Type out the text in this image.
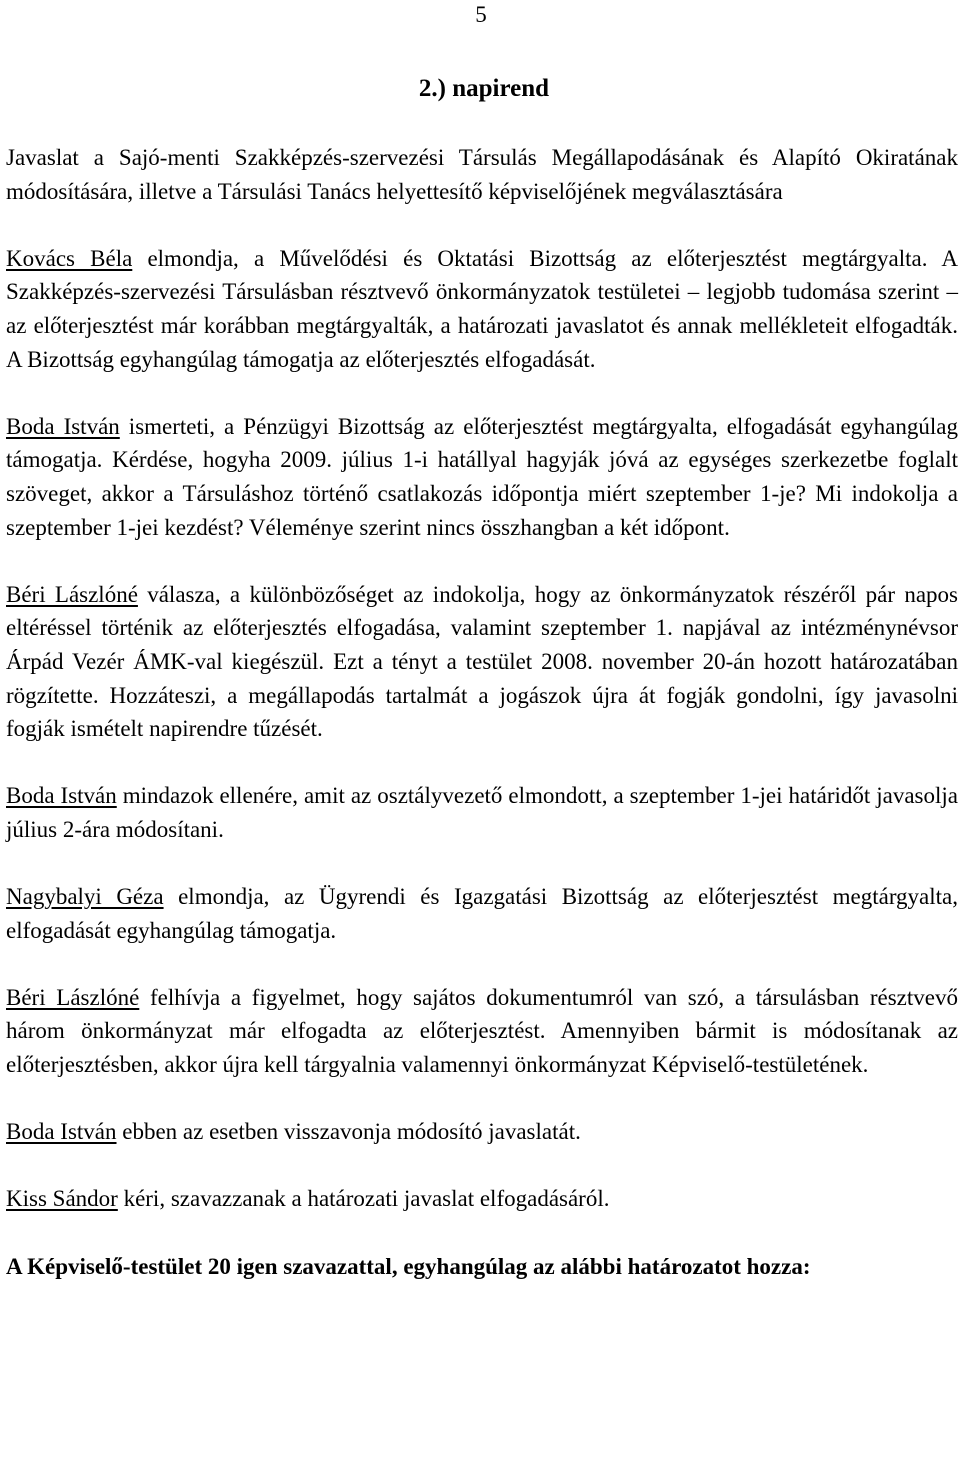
5
2.) napirend

Javaslat a Sajó-menti Szakképzés-szervezési Társulás Megállapodásának és Alapító Okiratának módosítására, illetve a Társulási Tanács helyettesítő képviselőjének megválasztására

Kovács Béla elmondja, a Művelődési és Oktatási Bizottság az előterjesztést megtárgyalta. A Szakképzés-szervezési Társulásban résztvevő önkormányzatok testületei – legjobb tudomása szerint – az előterjesztést már korábban megtárgyalták, a határozati javaslatot és annak mellékleteit elfogadták. A Bizottság egyhangúlag támogatja az előterjesztés elfogadását.

Boda István ismerteti, a Pénzügyi Bizottság az előterjesztést megtárgyalta, elfogadását egyhangúlag támogatja. Kérdése, hogyha 2009. július 1-i hatállyal hagyják jóvá az egységes szerkezetbe foglalt szöveget, akkor a Társuláshoz történő csatlakozás időpontja miért szeptember 1-je? Mi indokolja a szeptember 1-jei kezdést? Véleménye szerint nincs összhangban a két időpont.

Béri Lászlóné válasza, a különbözőséget az indokolja, hogy az önkormányzatok részéről pár napos eltéréssel történik az előterjesztés elfogadása, valamint szeptember 1. napjával az intézménynévsor Árpád Vezér ÁMK-val kiegészül. Ezt a tényt a testület 2008. november 20-án hozott határozatában rögzítette. Hozzáteszi, a megállapodás tartalmát a jogászok újra át fogják gondolni, így javasolni fogják ismételt napirendre tűzését.

Boda István mindazok ellenére, amit az osztályvezető elmondott, a szeptember 1-jei határidőt javasolja július 2-ára módosítani.

Nagybalyi Géza elmondja, az Ügyrendi és Igazgatási Bizottság az előterjesztést megtárgyalta, elfogadását egyhangúlag támogatja.

Béri Lászlóné felhívja a figyelmet, hogy sajátos dokumentumról van szó, a társulásban résztvevő három önkormányzat már elfogadta az előterjesztést. Amennyiben bármit is módosítanak az előterjesztésben, akkor újra kell tárgyalnia valamennyi önkormányzat Képviselő-testületének.

Boda István ebben az esetben visszavonja módosító javaslatát.

Kiss Sándor kéri, szavazzanak a határozati javaslat elfogadásáról.

A Képviselő-testület 20 igen szavazattal, egyhangúlag az alábbi határozatot hozza:
